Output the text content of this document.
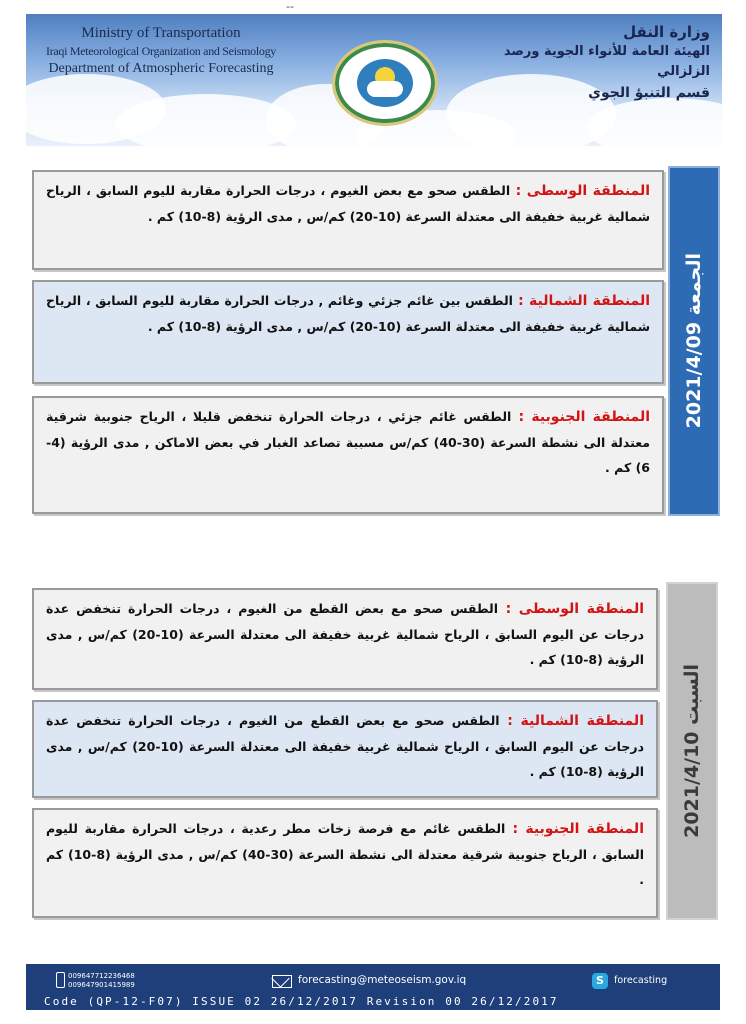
--
Ministry of Transportation
Iraqi Meteorological Organization and Seismology
Department of Atmospheric Forecasting
وزارة النقل
الهيئة العامة للأنواء الجوية ورصد الزلزالي
قسم التنبؤ الجوي
المنطقة الوسطى : الطقس صحو مع بعض الغيوم ، درجات الحرارة مقاربة لليوم السابق ، الرياح شمالية غربية خفيفة الى معتدلة السرعة (10-20) كم/س , مدى الرؤية (8-10) كم .
المنطقة الشمالية : الطقس بين غائم جزئي وغائم , درجات الحرارة مقاربة لليوم السابق ، الرياح شمالية غربية خفيفة الى معتدلة السرعة (10-20) كم/س , مدى الرؤية (8-10) كم .
المنطقة الجنوبية : الطقس غائم جزئي ، درجات الحرارة تنخفض قليلا ، الرياح جنوبية شرقية معتدلة الى نشطة السرعة (30-40) كم/س مسببة تصاعد الغبار في بعض الاماكن , مدى الرؤية (4-6) كم .
الجمعة 2021/4/09
المنطقة الوسطى : الطقس صحو مع بعض القطع من الغيوم ، درجات الحرارة تنخفض عدة درجات عن اليوم السابق ، الرياح شمالية غربية خفيفة الى معتدلة السرعة (10-20) كم/س , مدى الرؤية (8-10) كم .
المنطقة الشمالية : الطقس صحو مع بعض القطع من الغيوم ، درجات الحرارة تنخفض عدة درجات عن اليوم السابق ، الرياح شمالية غربية خفيفة الى معتدلة السرعة (10-20) كم/س , مدى الرؤية (8-10) كم .
المنطقة الجنوبية : الطقس غائم مع فرصة زخات مطر رعدية ، درجات الحرارة مقاربة لليوم السابق ، الرياح جنوبية شرقية معتدلة الى نشطة السرعة (30-40) كم/س , مدى الرؤية (8-10) كم .
السبت 2021/4/10
009647712236468
009647901415989	forecasting@meteoseism.gov.iq	S	forecasting
Code (QP-12-F07) ISSUE 02 26/12/2017 Revision 00 26/12/2017
